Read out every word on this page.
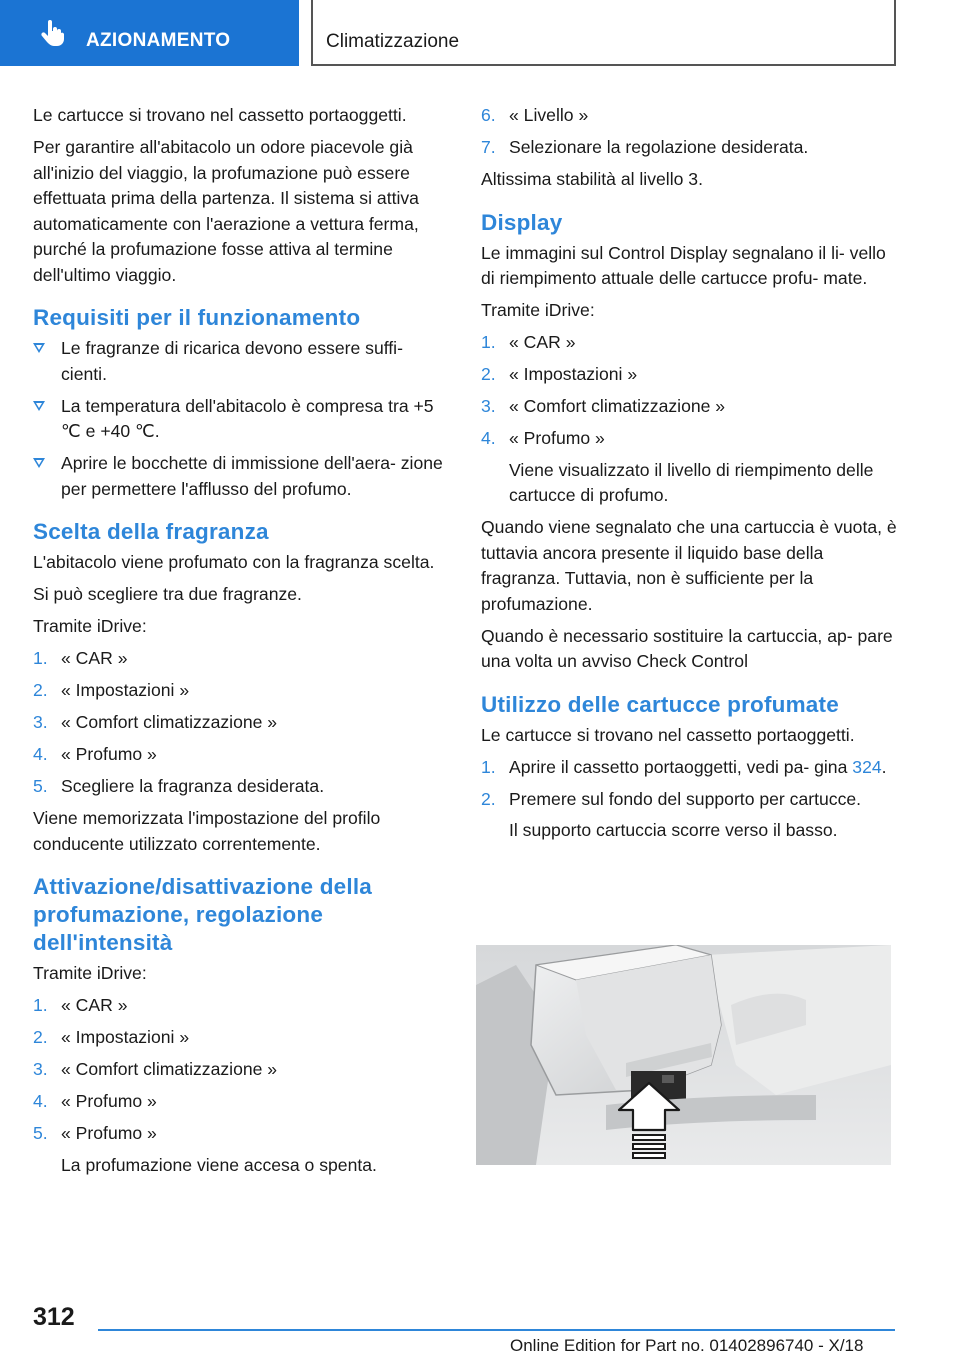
AZIONAMENTO	Climatizzazione

Le cartucce si trovano nel cassetto portaoggetti.

Per garantire all'abitacolo un odore piacevole già all'inizio del viaggio, la profumazione può essere effettuata prima della partenza. Il sistema si attiva automaticamente con l'aerazione a vettura ferma, purché la profumazione fosse attiva al termine dell'ultimo viaggio.

Requisiti per il funzionamento
Le fragranze di ricarica devono essere suffi- cienti.
La temperatura dell'abitacolo è compresa tra +5 ℃ e +40 ℃.
Aprire le bocchette di immissione dell'aera- zione per permettere l'afflusso del profumo.
Scelta della fragranza

L'abitacolo viene profumato con la fragranza scelta.

Si può scegliere tra due fragranze.

Tramite iDrive:

1. « CAR »
2. « Impostazioni »
3. « Comfort climatizzazione »
4. « Profumo »
5. Scegliere la fragranza desiderata.

Viene memorizzata l'impostazione del profilo conducente utilizzato correntemente.

Attivazione/disattivazione della profumazione, regolazione dell'intensità

Tramite iDrive:

1. « CAR »
2. « Impostazioni »
3. « Comfort climatizzazione »
4. « Profumo »
5. « Profumo »
La profumazione viene accesa o spenta.
6. « Livello »
7. Selezionare la regolazione desiderata.

Altissima stabilità al livello 3.

Display

Le immagini sul Control Display segnalano il li- vello di riempimento attuale delle cartucce profu- mate.

Tramite iDrive:

1. « CAR »
2. « Impostazioni »
3. « Comfort climatizzazione »
4. « Profumo »
Viene visualizzato il livello di riempimento delle cartucce di profumo.

Quando viene segnalato che una cartuccia è vuota, è tuttavia ancora presente il liquido base della fragranza. Tuttavia, non è sufficiente per la profumazione.

Quando è necessario sostituire la cartuccia, ap- pare una volta un avviso Check Control

Utilizzo delle cartucce profumate

Le cartucce si trovano nel cassetto portaoggetti.

1. Aprire il cassetto portaoggetti, vedi pa- gina 324.
2. Premere sul fondo del supporto per cartucce.
Il supporto cartuccia scorre verso il basso.
312
Online Edition for Part no. 01402896740 - X/18
